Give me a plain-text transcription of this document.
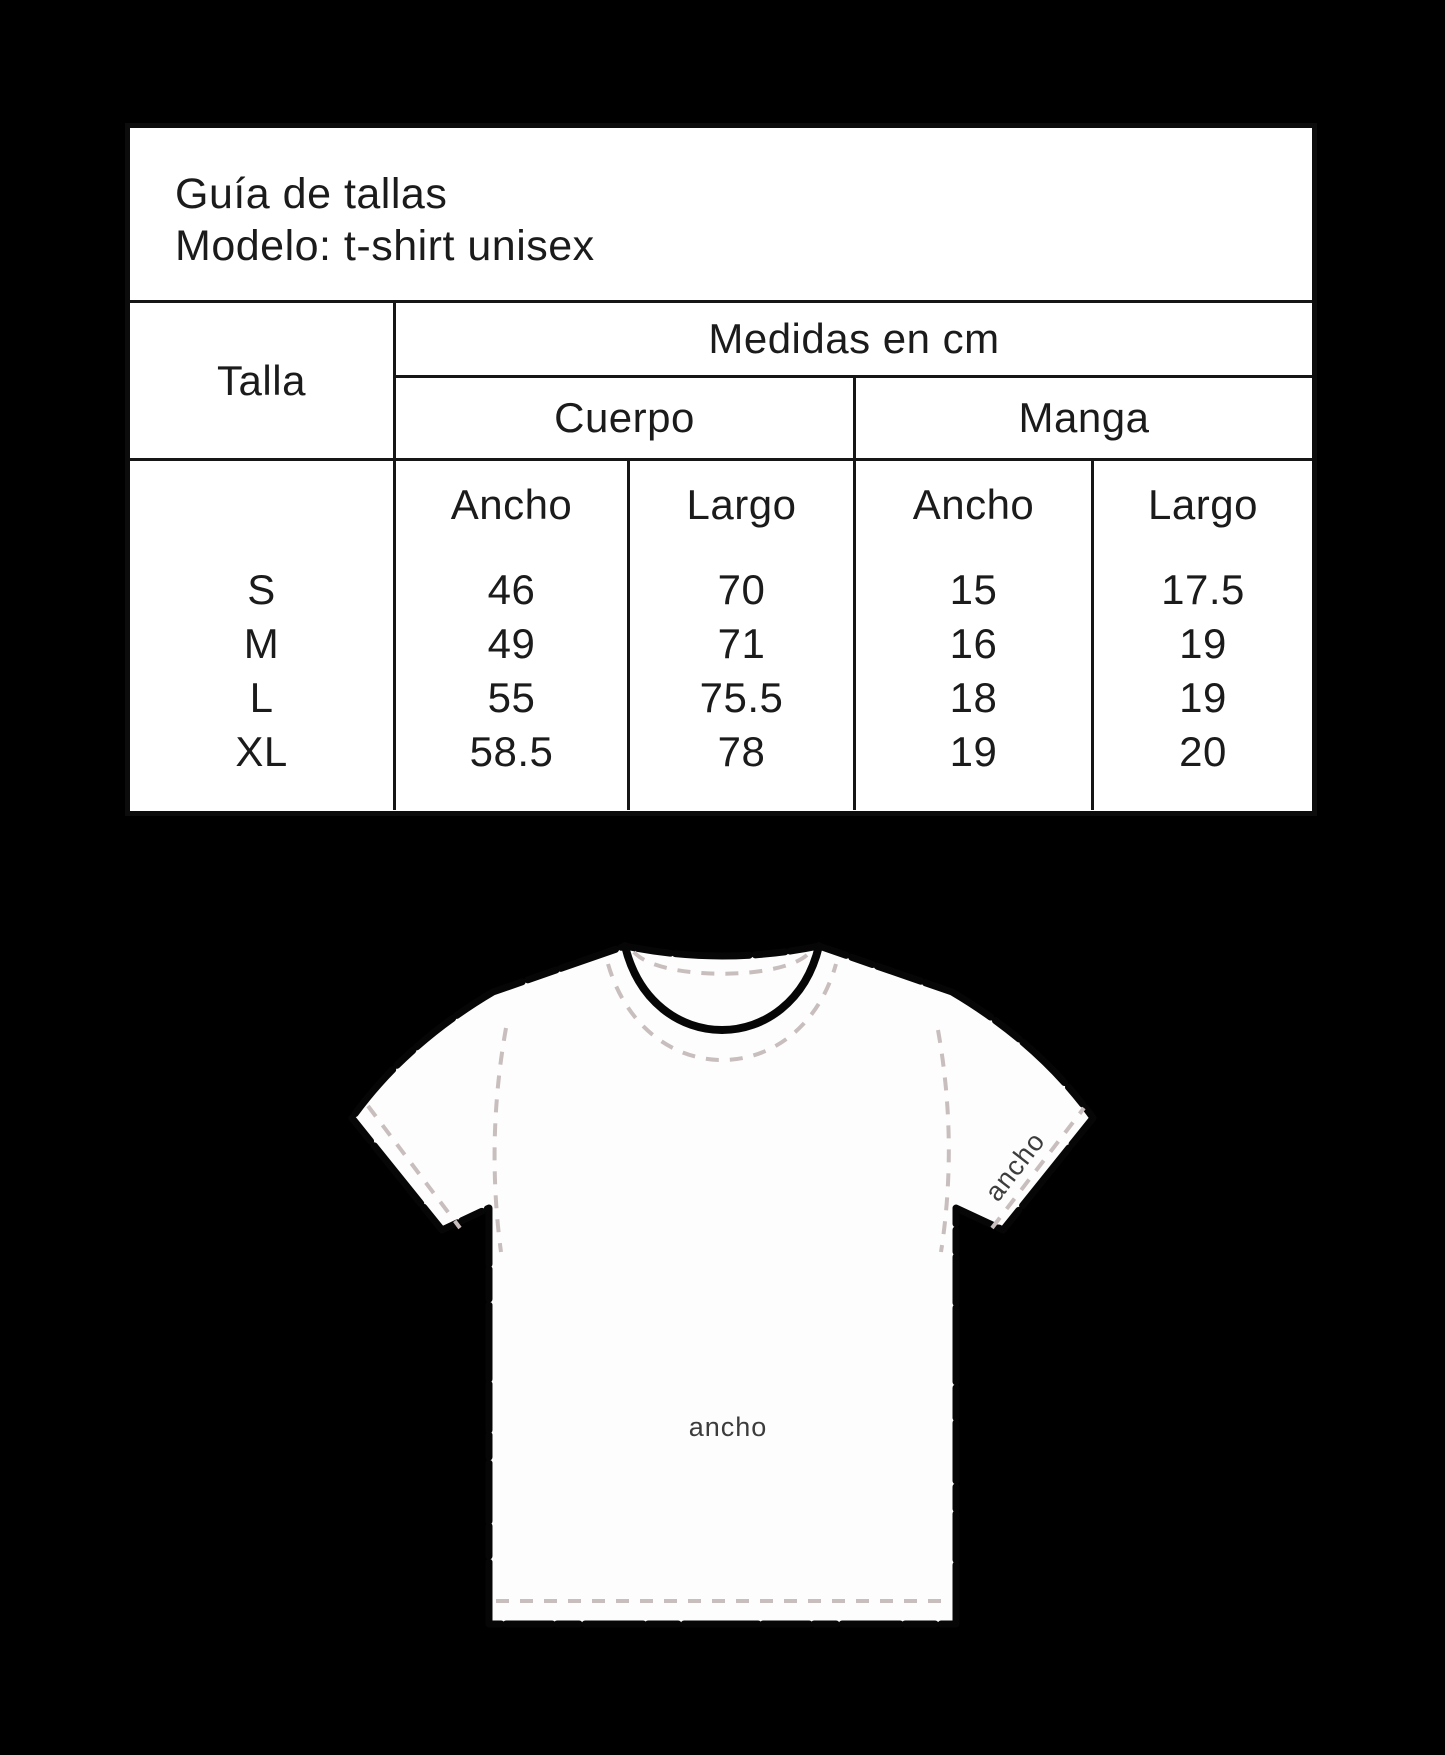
Guía de tallas
Modelo: t-shirt unisex
Talla
Medidas en cm
Cuerpo	Manga
S
M
L
XL
Ancho
46
49
55
58.5
Largo
70
71
75.5
78
Ancho
15
16
18
19
Largo
17.5
19
19
20
ancho
ancho
